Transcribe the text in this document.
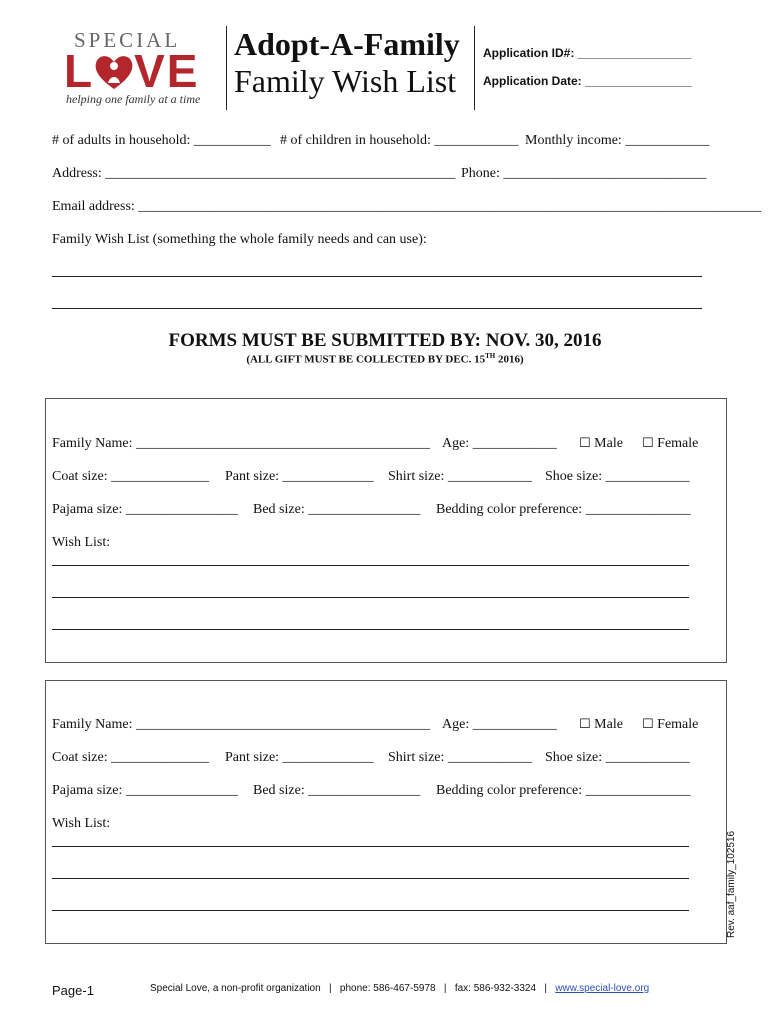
SPECIAL
L VE
helping one family at a time
Adopt-A-Family
Family Wish List
Application ID#: _________________
Application Date: ________________
# of adults in household: ___________ # of children in household: ____________ Monthly income: ____________
Address: __________________________________________________ Phone: _____________________________
Email address: _________________________________________________________________________________________
Family Wish List (something the whole family needs and can use):
FORMS MUST BE SUBMITTED BY: NOV. 30, 2016
(ALL GIFT MUST BE COLLECTED BY DEC. 15TH 2016)
Family Name: __________________________________________ Age: ____________ ☐ Male ☐ Female
Coat size: ______________ Pant size: _____________ Shirt size: ____________ Shoe size: ____________
Pajama size: ________________ Bed size: ________________ Bedding color preference: _______________
Wish List:
Family Name: __________________________________________ Age: ____________ ☐ Male ☐ Female
Coat size: ______________ Pant size: _____________ Shirt size: ____________ Shoe size: ____________
Pajama size: ________________ Bed size: ________________ Bedding color preference: _______________
Wish List:
Rev. aaf_family_102516
Page-1	Special Love, a non-profit organization   |   phone: 586-467-5978   |   fax: 586-932-3324   |   www.special-love.org
